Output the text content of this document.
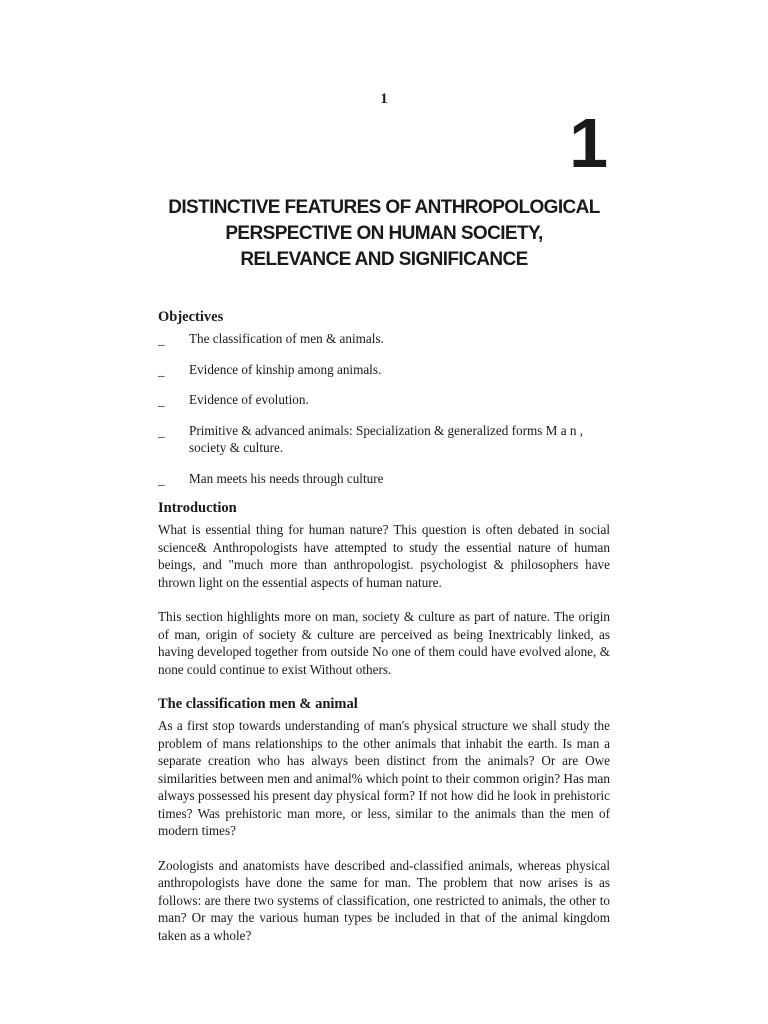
1
1
DISTINCTIVE FEATURES OF ANTHROPOLOGICAL
PERSPECTIVE ON HUMAN SOCIETY,
RELEVANCE AND SIGNIFICANCE
Objectives
_ The classification of men & animals.
_ Evidence of kinship among animals.
_ Evidence of evolution.
_ Primitive & advanced animals: Specialization & generalized forms M a n , society & culture.
_ Man meets his needs through culture
Introduction

What is essential thing for human nature? This question is often debated in social science& Anthropologists have attempted to study the essential nature of human beings, and "much more than anthropologist. psychologist & philosophers have thrown light on the essential aspects of human nature.

This section highlights more on man, society & culture as part of nature. The origin of man, origin of society & culture are perceived as being Inextricably linked, as having developed together from outside No one of them could have evolved alone, & none could continue to exist Without others.

The classification men & animal

As a first stop towards understanding of man's physical structure we shall study the problem of mans relationships to the other animals that inhabit the earth. Is man a separate creation who has always been distinct from the animals? Or are Owe similarities between men and animal% which point to their common origin? Has man always possessed his present day physical form? If not how did he look in prehistoric times? Was prehistoric man more, or less, similar to the animals than the men of modern times?

Zoologists and anatomists have described and-classified animals, whereas physical anthropologists have done the same for man. The problem that now arises is as follows: are there two systems of classification, one restricted to animals, the other to man? Or may the various human types be included in that of the animal kingdom taken as a whole?
